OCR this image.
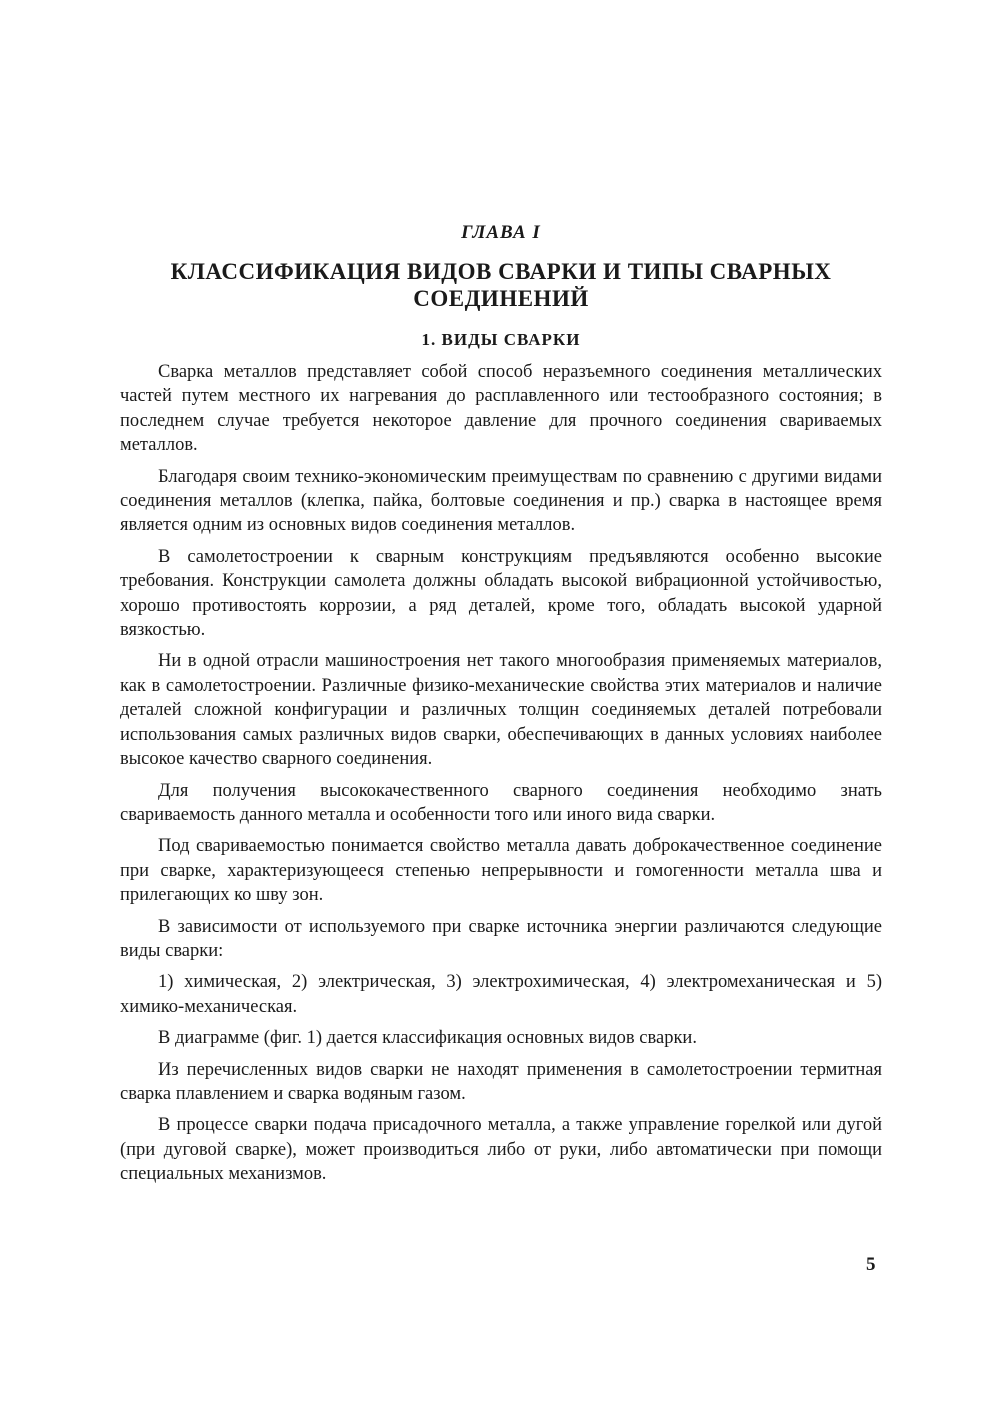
ГЛАВА I
КЛАССИФИКАЦИЯ ВИДОВ СВАРКИ И ТИПЫ СВАРНЫХ СОЕДИНЕНИЙ
1. ВИДЫ СВАРКИ

Сварка металлов представляет собой способ неразъемного соединения металлических частей путем местного их нагревания до расплавленного или тестообразного состояния; в последнем случае требуется некоторое давление для прочного соединения свариваемых металлов.

Благодаря своим технико-экономическим преимуществам по сравнению с другими видами соединения металлов (клепка, пайка, болтовые соединения и пр.) сварка в настоящее время является одним из основных видов соединения металлов.

В самолетостроении к сварным конструкциям предъявляются особенно высокие требования. Конструкции самолета должны обладать высокой вибрационной устойчивостью, хорошо противостоять коррозии, а ряд деталей, кроме того, обладать высокой ударной вязкостью.

Ни в одной отрасли машиностроения нет такого многообразия применяемых материалов, как в самолетостроении. Различные физико-механические свойства этих материалов и наличие деталей сложной конфигурации и различных толщин соединяемых деталей потребовали использования самых различных видов сварки, обеспечивающих в данных условиях наиболее высокое качество сварного соединения.

Для получения высококачественного сварного соединения необходимо знать свариваемость данного металла и особенности того или иного вида сварки.

Под свариваемостью понимается свойство металла давать доброкачественное соединение при сварке, характеризующееся степенью непрерывности и гомогенности металла шва и прилегающих ко шву зон.

В зависимости от используемого при сварке источника энергии различаются следующие виды сварки:

1) химическая, 2) электрическая, 3) электрохимическая, 4) электромеханическая и 5) химико-механическая.

В диаграмме (фиг. 1) дается классификация основных видов сварки.

Из перечисленных видов сварки не находят применения в самолетостроении термитная сварка плавлением и сварка водяным газом.

В процессе сварки подача присадочного металла, а также управление горелкой или дугой (при дуговой сварке), может производиться либо от руки, либо автоматически при помощи специальных механизмов.

5
